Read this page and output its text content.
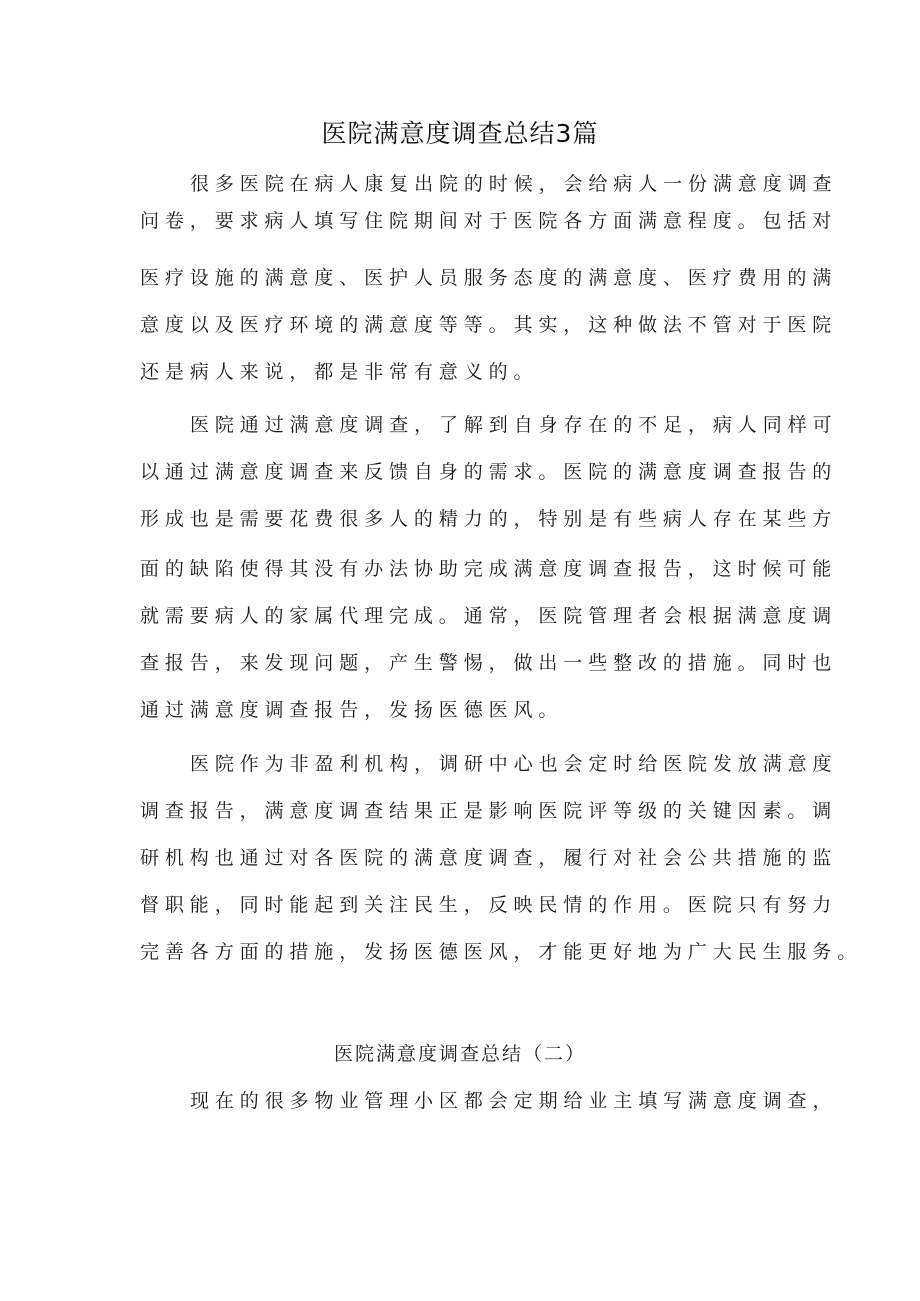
医院满意度调查总结3篇
很多医院在病人康复出院的时候，会给病人一份满意度调查
问卷，要求病人填写住院期间对于医院各方面满意程度。包括对
医疗设施的满意度、医护人员服务态度的满意度、医疗费用的满
意度以及医疗环境的满意度等等。其实，这种做法不管对于医院
还是病人来说，都是非常有意义的。
医院通过满意度调查，了解到自身存在的不足，病人同样可
以通过满意度调查来反馈自身的需求。医院的满意度调查报告的
形成也是需要花费很多人的精力的，特别是有些病人存在某些方
面的缺陷使得其没有办法协助完成满意度调查报告，这时候可能
就需要病人的家属代理完成。通常，医院管理者会根据满意度调
查报告，来发现问题，产生警惕，做出一些整改的措施。同时也
通过满意度调查报告，发扬医德医风。
医院作为非盈利机构，调研中心也会定时给医院发放满意度
调查报告，满意度调查结果正是影响医院评等级的关键因素。调
研机构也通过对各医院的满意度调查，履行对社会公共措施的监
督职能，同时能起到关注民生，反映民情的作用。医院只有努力
完善各方面的措施，发扬医德医风，才能更好地为广大民生服务。
医院满意度调查总结（二）
现在的很多物业管理小区都会定期给业主填写满意度调查，
